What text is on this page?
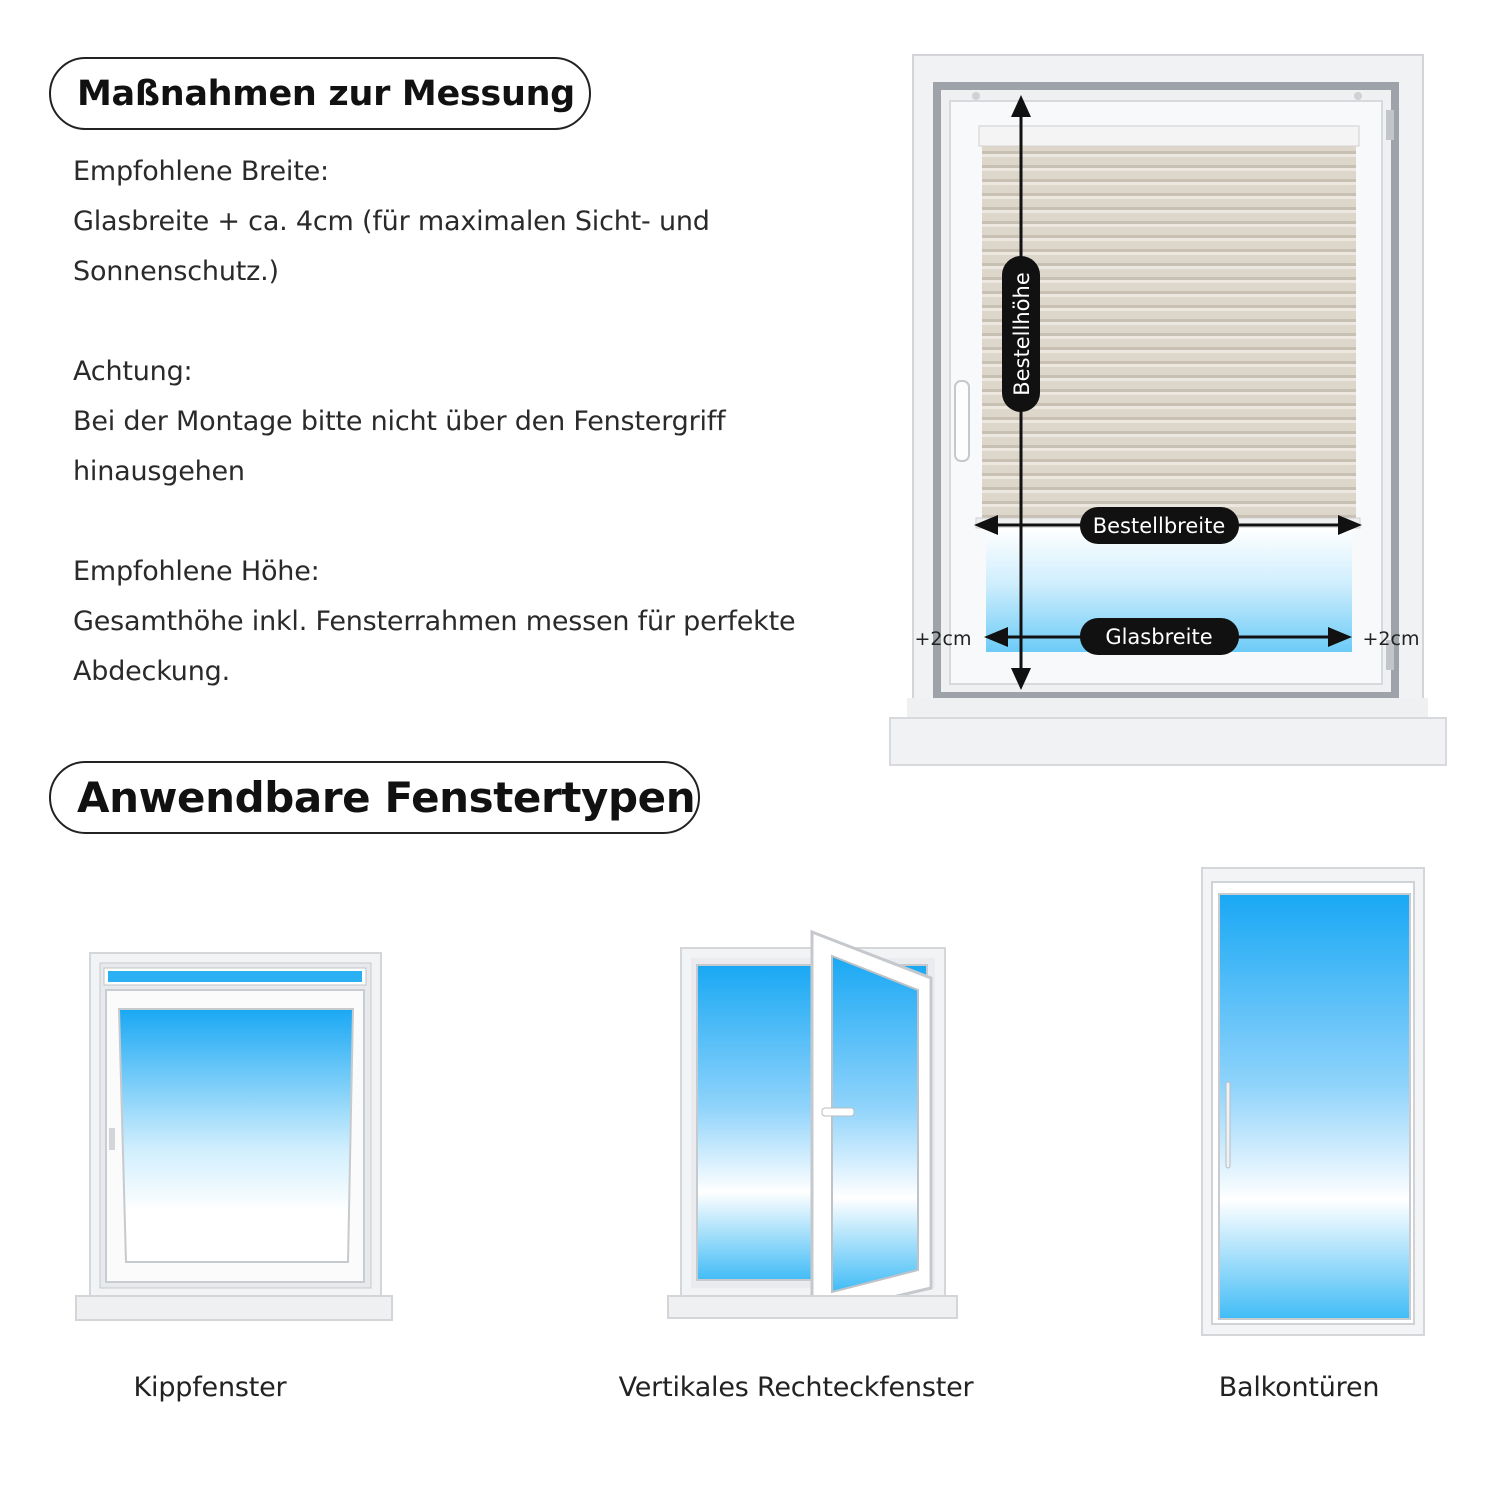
Maßnahmen zur Messung
Anwendbare Fenstertypen
Empfohlene Breite:
Glasbreite + ca. 4cm (für maximalen Sicht- und
Sonnenschutz.)
Achtung:
Bei der Montage bitte nicht über den Fenstergriff
hinausgehen
Empfohlene Höhe:
Gesamthöhe inkl. Fensterrahmen messen für perfekte
Abdeckung.
Bestellhöhe
Bestellbreite
Glasbreite
+2cm	+2cm
Kippfenster	Vertikales Rechteckfenster	Balkontüren
